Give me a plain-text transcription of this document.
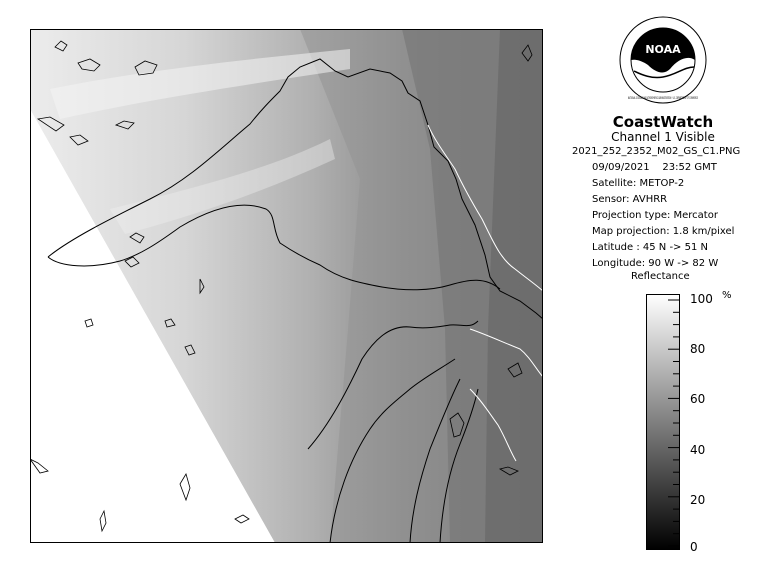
NOAA
NATIONAL OCEANIC AND ATMOSPHERIC ADMINISTRATION · U.S. DEPARTMENT OF COMMERCE
CoastWatch
Channel 1 Visible
2021_252_2352_M02_GS_C1.PNG
09/09/2021 23:52 GMT
Satellite: METOP-2
Sensor: AVHRR
Projection type: Mercator
Map projection: 1.8 km/pixel
Latitude : 45 N -> 51 N
Longitude: 90 W -> 82 W
Reflectance
100
80
60
40
20
0
%
